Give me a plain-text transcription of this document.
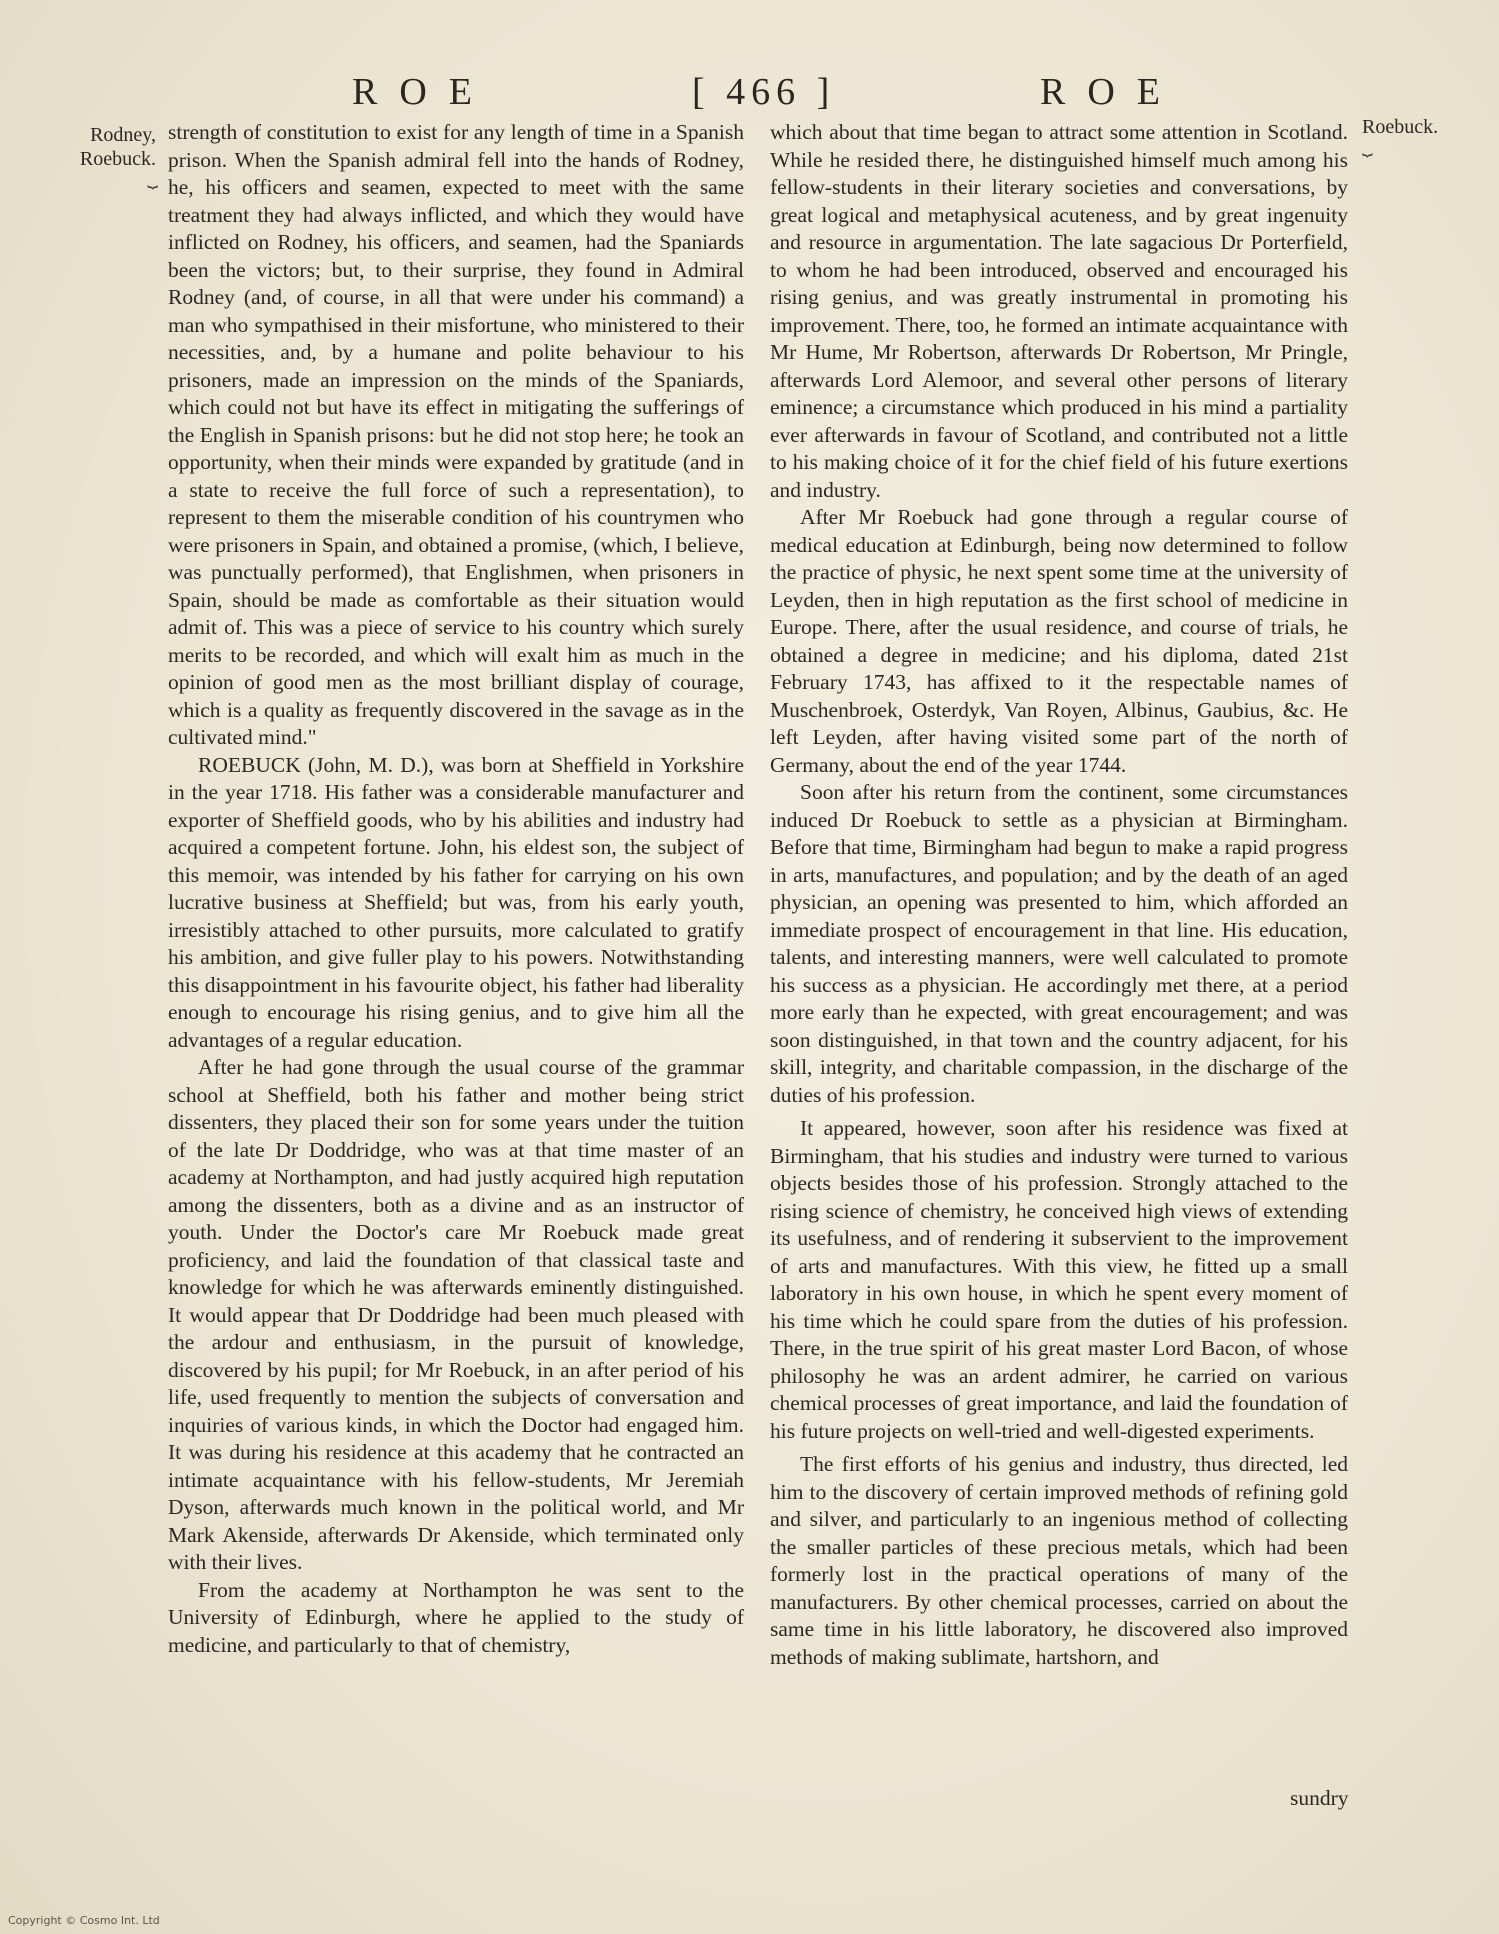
ROE	[ 466 ]	ROE
Rodney,
Roebuck.
⏟
Roebuck.
⏟

strength of constitution to exist for any length of time in a Spanish prison. When the Spanish admiral fell into the hands of Rodney, he, his officers and seamen, expected to meet with the same treatment they had always inflicted, and which they would have inflicted on Rodney, his officers, and seamen, had the Spaniards been the victors; but, to their surprise, they found in Admiral Rodney (and, of course, in all that were under his command) a man who sympathised in their misfortune, who ministered to their necessities, and, by a humane and polite behaviour to his prisoners, made an impression on the minds of the Spaniards, which could not but have its effect in mitigating the sufferings of the English in Spanish prisons: but he did not stop here; he took an opportunity, when their minds were expanded by gratitude (and in a state to receive the full force of such a representation), to represent to them the miserable condition of his countrymen who were prisoners in Spain, and obtained a promise, (which, I believe, was punctually performed), that Englishmen, when prisoners in Spain, should be made as comfortable as their situation would admit of. This was a piece of service to his country which surely merits to be recorded, and which will exalt him as much in the opinion of good men as the most brilliant display of courage, which is a quality as frequently discovered in the savage as in the cultivated mind."

ROEBUCK (John, M. D.), was born at Sheffield in Yorkshire in the year 1718. His father was a considerable manufacturer and exporter of Sheffield goods, who by his abilities and industry had acquired a competent fortune. John, his eldest son, the subject of this memoir, was intended by his father for carrying on his own lucrative business at Sheffield; but was, from his early youth, irresistibly attached to other pursuits, more calculated to gratify his ambition, and give fuller play to his powers. Notwithstanding this disappointment in his favourite object, his father had liberality enough to encourage his rising genius, and to give him all the advantages of a regular education.

After he had gone through the usual course of the grammar school at Sheffield, both his father and mother being strict dissenters, they placed their son for some years under the tuition of the late Dr Doddridge, who was at that time master of an academy at Northampton, and had justly acquired high reputation among the dissenters, both as a divine and as an instructor of youth. Under the Doctor's care Mr Roebuck made great proficiency, and laid the foundation of that classical taste and knowledge for which he was afterwards eminently distinguished. It would appear that Dr Doddridge had been much pleased with the ardour and enthusiasm, in the pursuit of knowledge, discovered by his pupil; for Mr Roebuck, in an after period of his life, used frequently to mention the subjects of conversation and inquiries of various kinds, in which the Doctor had engaged him. It was during his residence at this academy that he contracted an intimate acquaintance with his fellow-students, Mr Jeremiah Dyson, afterwards much known in the political world, and Mr Mark Akenside, afterwards Dr Akenside, which terminated only with their lives.

From the academy at Northampton he was sent to the University of Edinburgh, where he applied to the study of medicine, and particularly to that of chemistry,

which about that time began to attract some attention in Scotland. While he resided there, he distinguished himself much among his fellow-students in their literary societies and conversations, by great logical and metaphysical acuteness, and by great ingenuity and resource in argumentation. The late sagacious Dr Porterfield, to whom he had been introduced, observed and encouraged his rising genius, and was greatly instrumental in promoting his improvement. There, too, he formed an intimate acquaintance with Mr Hume, Mr Robertson, afterwards Dr Robertson, Mr Pringle, afterwards Lord Alemoor, and several other persons of literary eminence; a circumstance which produced in his mind a partiality ever afterwards in favour of Scotland, and contributed not a little to his making choice of it for the chief field of his future exertions and industry.

After Mr Roebuck had gone through a regular course of medical education at Edinburgh, being now determined to follow the practice of physic, he next spent some time at the university of Leyden, then in high reputation as the first school of medicine in Europe. There, after the usual residence, and course of trials, he obtained a degree in medicine; and his diploma, dated 21st February 1743, has affixed to it the respectable names of Muschenbroek, Osterdyk, Van Royen, Albinus, Gaubius, &c. He left Leyden, after having visited some part of the north of Germany, about the end of the year 1744.

Soon after his return from the continent, some circumstances induced Dr Roebuck to settle as a physician at Birmingham. Before that time, Birmingham had begun to make a rapid progress in arts, manufactures, and population; and by the death of an aged physician, an opening was presented to him, which afforded an immediate prospect of encouragement in that line. His education, talents, and interesting manners, were well calculated to promote his success as a physician. He accordingly met there, at a period more early than he expected, with great encouragement; and was soon distinguished, in that town and the country adjacent, for his skill, integrity, and charitable compassion, in the discharge of the duties of his profession.

It appeared, however, soon after his residence was fixed at Birmingham, that his studies and industry were turned to various objects besides those of his profession. Strongly attached to the rising science of chemistry, he conceived high views of extending its usefulness, and of rendering it subservient to the improvement of arts and manufactures. With this view, he fitted up a small laboratory in his own house, in which he spent every moment of his time which he could spare from the duties of his profession. There, in the true spirit of his great master Lord Bacon, of whose philosophy he was an ardent admirer, he carried on various chemical processes of great importance, and laid the foundation of his future projects on well-tried and well-digested experiments.

The first efforts of his genius and industry, thus directed, led him to the discovery of certain improved methods of refining gold and silver, and particularly to an ingenious method of collecting the smaller particles of these precious metals, which had been formerly lost in the practical operations of many of the manufacturers. By other chemical processes, carried on about the same time in his little laboratory, he discovered also improved methods of making sublimate, hartshorn, and

sundry
Copyright © Cosmo Int. Ltd
